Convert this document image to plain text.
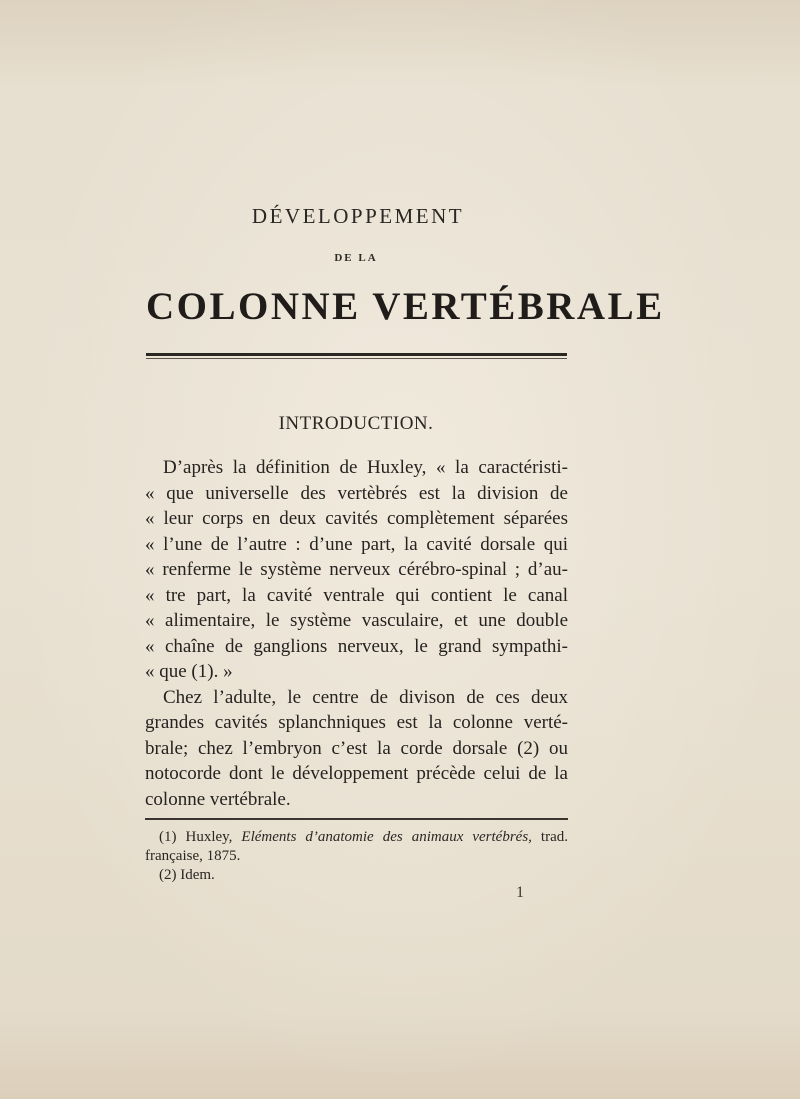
DÉVELOPPEMENT
DE LA
COLONNE VERTÉBRALE
INTRODUCTION.
D’après la définition de Huxley, « la caractéristi-
« que universelle des vertèbrés est la division de
« leur corps en deux cavités complètement séparées
« l’une de l’autre : d’une part, la cavité dorsale qui
« renferme le système nerveux cérébro-spinal ; d’au-
« tre part, la cavité ventrale qui contient le canal
« alimentaire, le système vasculaire, et une double
« chaîne de ganglions nerveux, le grand sympathi-
« que (1). »
Chez l’adulte, le centre de divison de ces deux
grandes cavités splanchniques est la colonne verté-
brale; chez l’embryon c’est la corde dorsale (2) ou
notocorde dont le développement précède celui de la
colonne vertébrale.
(1) Huxley, Eléments d’anatomie des animaux vertébrés, trad.
française, 1875.
(2) Idem.
1
